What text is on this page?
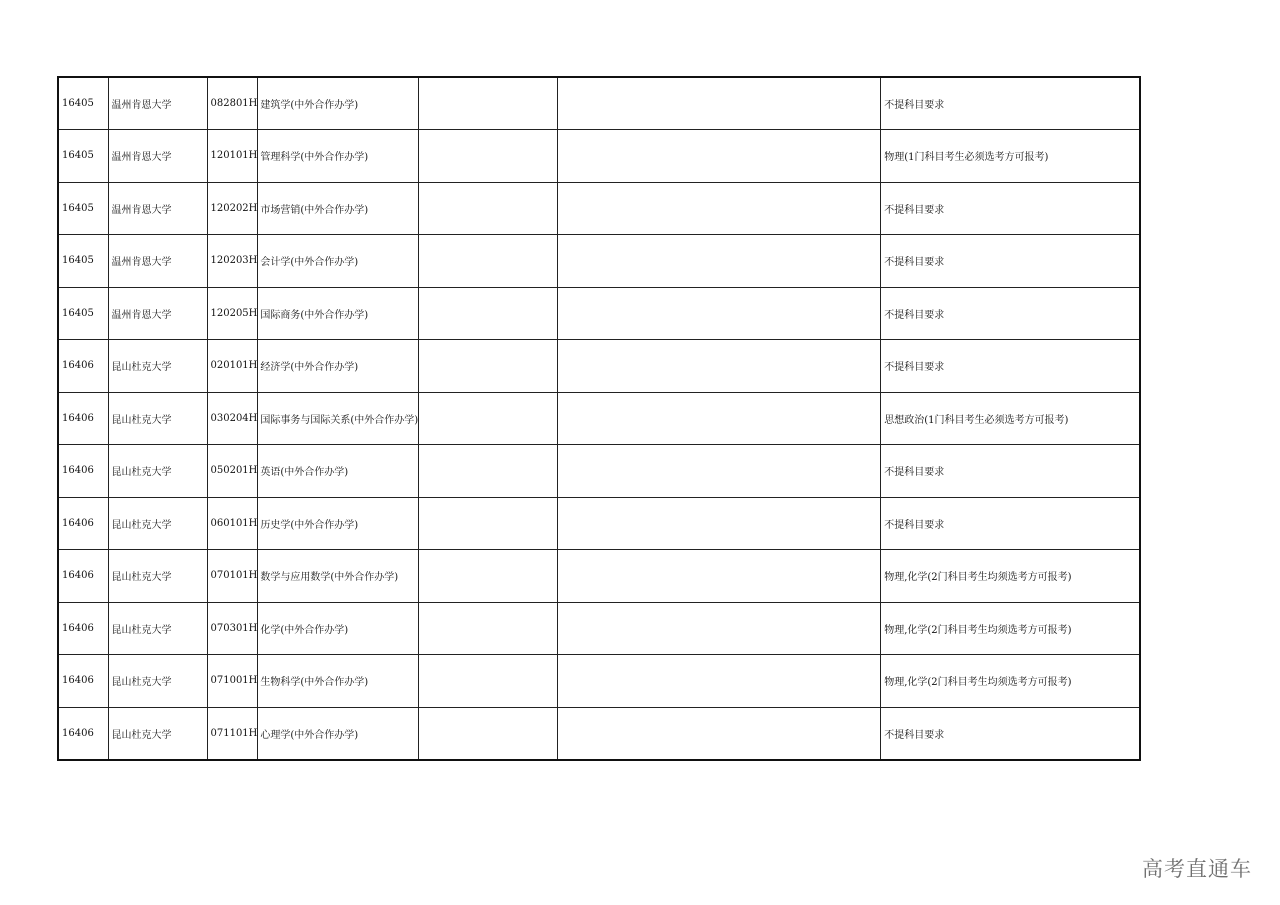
16405	温州肯恩大学	082801H	建筑学(中外合作办学)			不提科目要求
16405	温州肯恩大学	120101H	管理科学(中外合作办学)			物理(1门科目考生必须选考方可报考)
16405	温州肯恩大学	120202H	市场营销(中外合作办学)			不提科目要求
16405	温州肯恩大学	120203H	会计学(中外合作办学)			不提科目要求
16405	温州肯恩大学	120205H	国际商务(中外合作办学)			不提科目要求
16406	昆山杜克大学	020101H	经济学(中外合作办学)			不提科目要求
16406	昆山杜克大学	030204H	国际事务与国际关系(中外合作办学)			思想政治(1门科目考生必须选考方可报考)
16406	昆山杜克大学	050201H	英语(中外合作办学)			不提科目要求
16406	昆山杜克大学	060101H	历史学(中外合作办学)			不提科目要求
16406	昆山杜克大学	070101H	数学与应用数学(中外合作办学)			物理,化学(2门科目考生均须选考方可报考)
16406	昆山杜克大学	070301H	化学(中外合作办学)			物理,化学(2门科目考生均须选考方可报考)
16406	昆山杜克大学	071001H	生物科学(中外合作办学)			物理,化学(2门科目考生均须选考方可报考)
16406	昆山杜克大学	071101H	心理学(中外合作办学)			不提科目要求
高考直通车
